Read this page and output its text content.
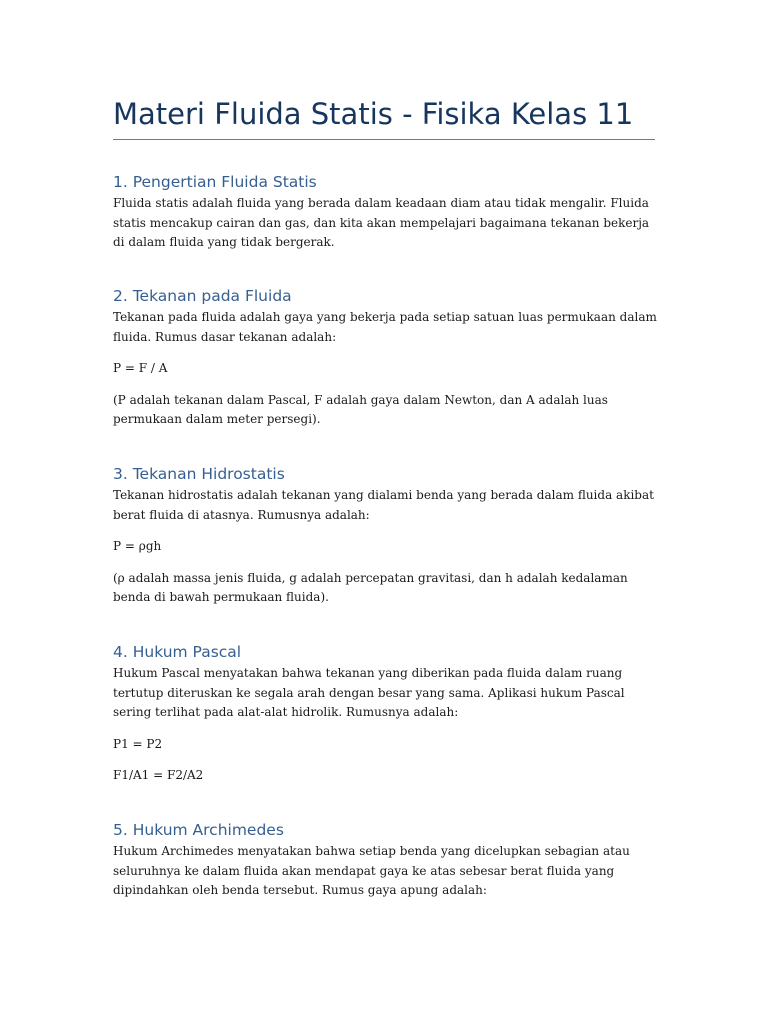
Materi Fluida Statis - Fisika Kelas 11
1. Pengertian Fluida Statis

Fluida statis adalah fluida yang berada dalam keadaan diam atau tidak mengalir. Fluida statis mencakup cairan dan gas, dan kita akan mempelajari bagaimana tekanan bekerja di dalam fluida yang tidak bergerak.

2. Tekanan pada Fluida

Tekanan pada fluida adalah gaya yang bekerja pada setiap satuan luas permukaan dalam fluida. Rumus dasar tekanan adalah:

P = F / A

(P adalah tekanan dalam Pascal, F adalah gaya dalam Newton, dan A adalah luas permukaan dalam meter persegi).

3. Tekanan Hidrostatis

Tekanan hidrostatis adalah tekanan yang dialami benda yang berada dalam fluida akibat berat fluida di atasnya. Rumusnya adalah:

P = ρgh

(ρ adalah massa jenis fluida, g adalah percepatan gravitasi, dan h adalah kedalaman benda di bawah permukaan fluida).

4. Hukum Pascal

Hukum Pascal menyatakan bahwa tekanan yang diberikan pada fluida dalam ruang tertutup diteruskan ke segala arah dengan besar yang sama. Aplikasi hukum Pascal sering terlihat pada alat-alat hidrolik. Rumusnya adalah:

P1 = P2

F1/A1 = F2/A2

5. Hukum Archimedes

Hukum Archimedes menyatakan bahwa setiap benda yang dicelupkan sebagian atau seluruhnya ke dalam fluida akan mendapat gaya ke atas sebesar berat fluida yang dipindahkan oleh benda tersebut. Rumus gaya apung adalah:
